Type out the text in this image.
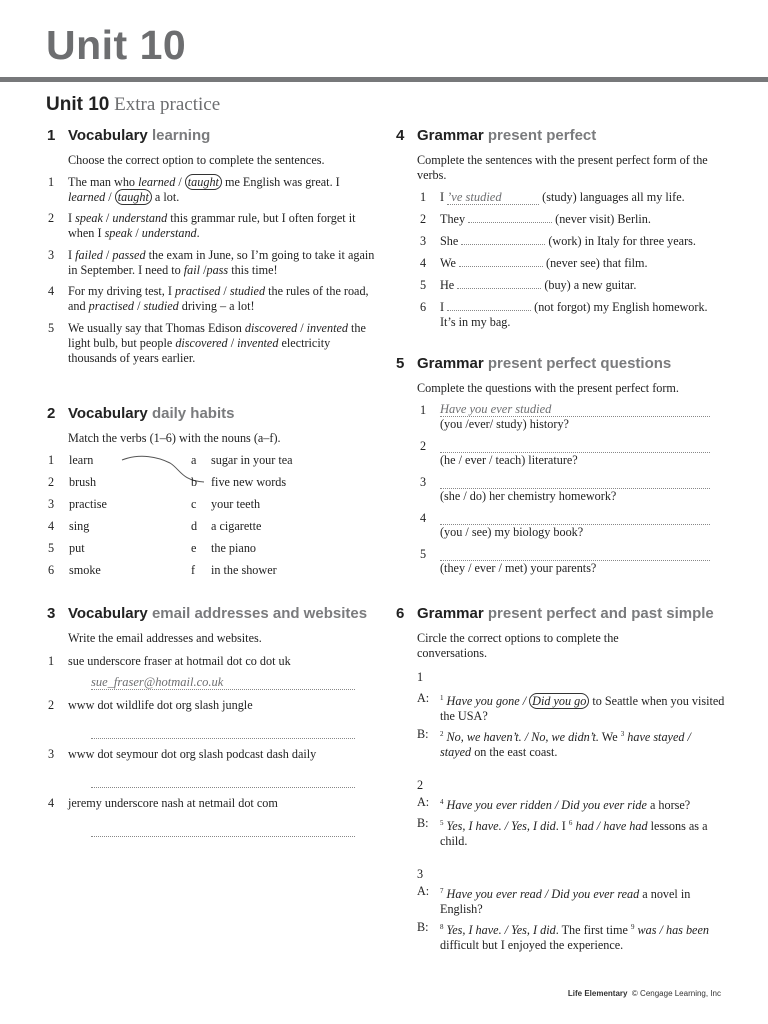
Unit 10
Unit 10 Extra practice
1 Vocabulary learning
Choose the correct option to complete the sentences.
1 The man who learned / taught me English was great. I learned / taught a lot.
2 I speak / understand this grammar rule, but I often forget it when I speak / understand.
3 I failed / passed the exam in June, so I’m going to take it again in September. I need to fail /pass this time!
4 For my driving test, I practised / studied the rules of the road, and practised / studied driving – a lot!
5 We usually say that Thomas Edison discovered / invented the light bulb, but people discovered / invented electricity thousands of years earlier.
2 Vocabulary daily habits
Match the verbs (1–6) with the nouns (a–f).
1 learn	a sugar in your tea
2 brush	b five new words
3 practise	c your teeth
4 sing	d a cigarette
5 put	e the piano
6 smoke	f in the shower
3 Vocabulary email addresses and websites
Write the email addresses and websites.
1 sue underscore fraser at hotmail dot co dot uk
sue_fraser@hotmail.co.uk
2 www dot wildlife dot org slash jungle
3 www dot seymour dot org slash podcast dash daily
4 jeremy underscore nash at netmail dot com
4 Grammar present perfect
Complete the sentences with the present perfect form of the verbs.
1 I ’ve studied	(study) languages all my life.
2 They	(never visit) Berlin.
3 She	(work) in Italy for three years.
4 We	(never see) that film.
5 He	(buy) a new guitar.
6 I	(not forgot) my English homework. It’s in my bag.
5 Grammar present perfect questions
Complete the questions with the present perfect form.
1 Have you ever studied
(you /ever/ study) history?
2
(he / ever / teach) literature?
3
(she / do) her chemistry homework?
4
(you / see) my biology book?
5
(they / ever / met) your parents?
6 Grammar present perfect and past simple
Circle the correct options to complete the conversations.
1
A: $^1$ Have you gone / Did you go to Seattle when you visited the USA?
B: $^2$ No, we haven’t. / No, we didn’t. We $^3$ have stayed / stayed on the east coast.
2
A: $^4$ Have you ever ridden / Did you ever ride a horse?
B: $^5$ Yes, I have. / Yes, I did. I $^6$ had / have had lessons as a child.
3
A: $^7$ Have you ever read / Did you ever read a novel in English?
B: $^8$ Yes, I have. / Yes, I did. The first time $^9$ was / has been difficult but I enjoyed the experience.
Life Elementary © Cengage Learning, Inc
